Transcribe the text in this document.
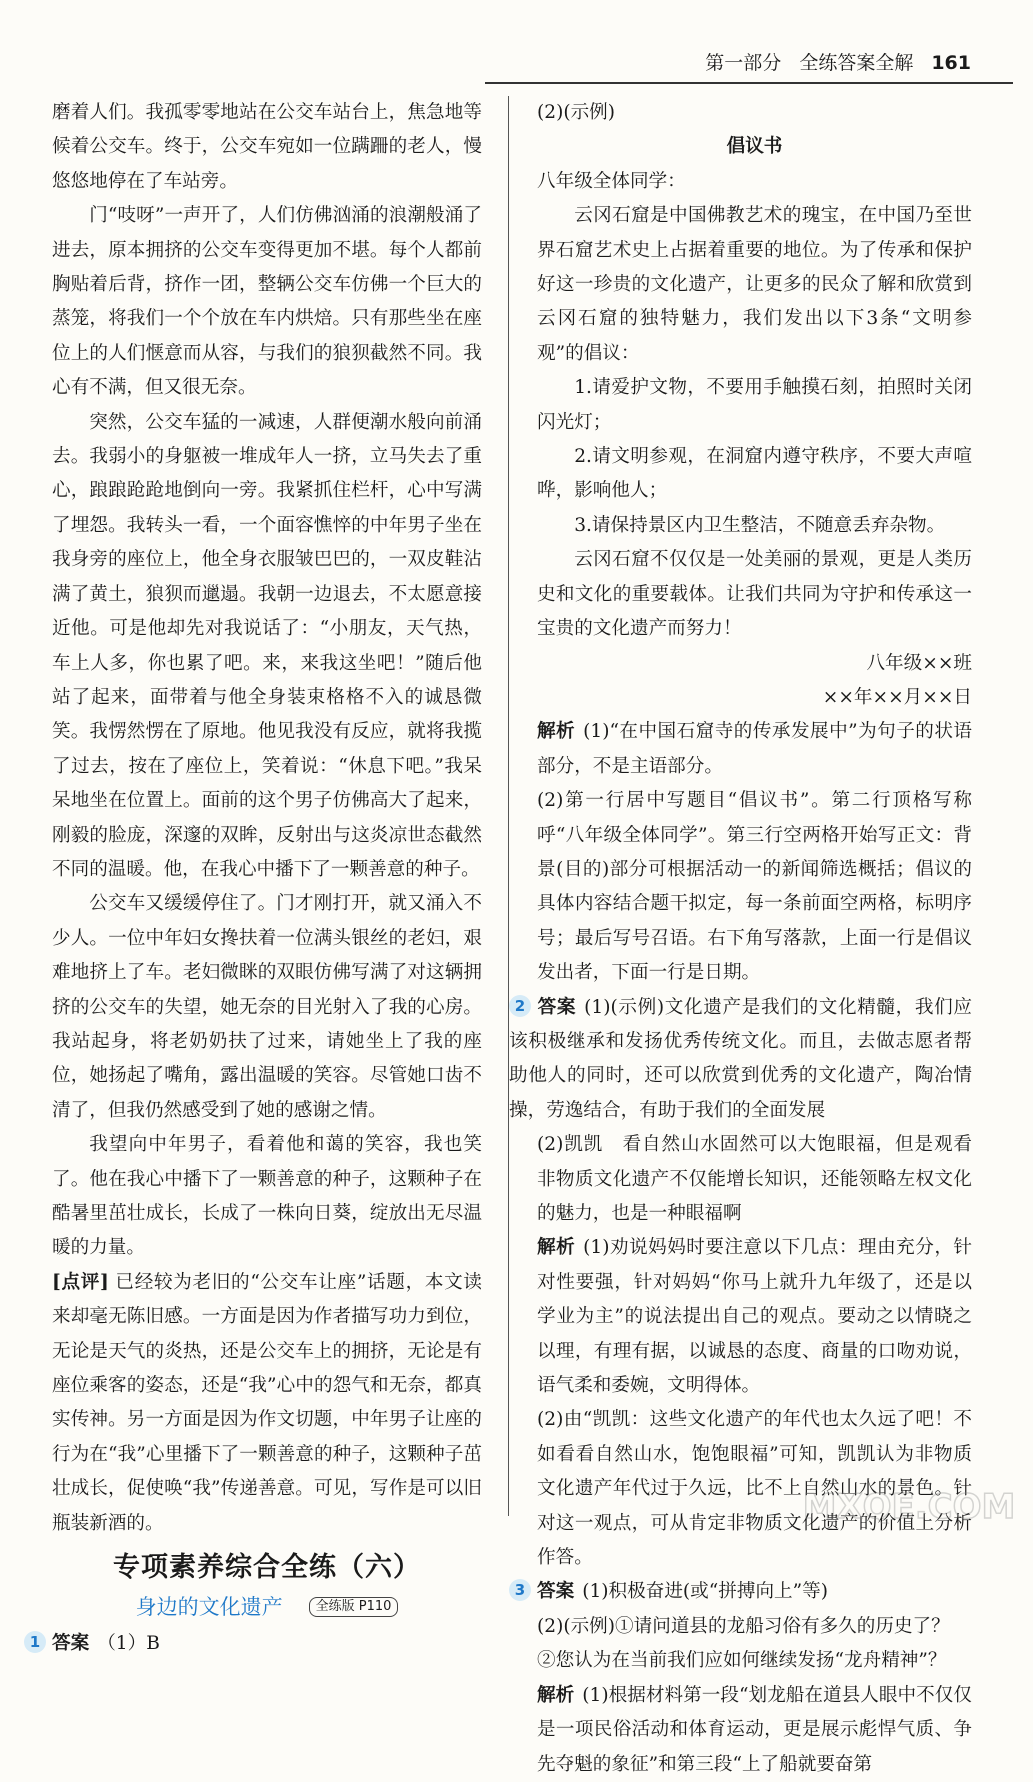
第一部分 全练答案全解 161

磨着人们。我孤零零地站在公交车站台上，焦急地等候着公交车。终于，公交车宛如一位蹒跚的老人，慢悠悠地停在了车站旁。

门“吱呀”一声开了，人们仿佛汹涌的浪潮般涌了进去，原本拥挤的公交车变得更加不堪。每个人都前胸贴着后背，挤作一团，整辆公交车仿佛一个巨大的蒸笼，将我们一个个放在车内烘焙。只有那些坐在座位上的人们惬意而从容，与我们的狼狈截然不同。我心有不满，但又很无奈。

突然，公交车猛的一减速，人群便潮水般向前涌去。我弱小的身躯被一堆成年人一挤，立马失去了重心，踉踉跄跄地倒向一旁。我紧抓住栏杆，心中写满了埋怨。我转头一看，一个面容憔悴的中年男子坐在我身旁的座位上，他全身衣服皱巴巴的，一双皮鞋沾满了黄土，狼狈而邋遢。我朝一边退去，不太愿意接近他。可是他却先对我说话了：“小朋友，天气热，车上人多，你也累了吧。来，来我这坐吧！”随后他站了起来，面带着与他全身装束格格不入的诚恳微笑。我愣然愣在了原地。他见我没有反应，就将我揽了过去，按在了座位上，笑着说：“休息下吧。”我呆呆地坐在位置上。面前的这个男子仿佛高大了起来，刚毅的脸庞，深邃的双眸，反射出与这炎凉世态截然不同的温暖。他，在我心中播下了一颗善意的种子。

公交车又缓缓停住了。门才刚打开，就又涌入不少人。一位中年妇女搀扶着一位满头银丝的老妇，艰难地挤上了车。老妇微眯的双眼仿佛写满了对这辆拥挤的公交车的失望，她无奈的目光射入了我的心房。我站起身，将老奶奶扶了过来，请她坐上了我的座位，她扬起了嘴角，露出温暖的笑容。尽管她口齿不清了，但我仍然感受到了她的感谢之情。

我望向中年男子，看着他和蔼的笑容，我也笑了。他在我心中播下了一颗善意的种子，这颗种子在酷暑里茁壮成长，长成了一株向日葵，绽放出无尽温暖的力量。

[点评] 已经较为老旧的“公交车让座”话题，本文读来却毫无陈旧感。一方面是因为作者描写功力到位，无论是天气的炎热，还是公交车上的拥挤，无论是有座位乘客的姿态，还是“我”心中的怨气和无奈，都真实传神。另一方面是因为作文切题，中年男子让座的行为在“我”心里播下了一颗善意的种子，这颗种子茁壮成长，促使唤“我”传递善意。可见，写作是可以旧瓶装新酒的。

专项素养综合全练（六）
身边的文化遗产	全练版 P110

1 答案 （1）B

(2)(示例)

倡议书

八年级全体同学：

云冈石窟是中国佛教艺术的瑰宝，在中国乃至世界石窟艺术史上占据着重要的地位。为了传承和保护好这一珍贵的文化遗产，让更多的民众了解和欣赏到云冈石窟的独特魅力，我们发出以下3条“文明参观”的倡议：

1.请爱护文物，不要用手触摸石刻，拍照时关闭闪光灯；

2.请文明参观，在洞窟内遵守秩序，不要大声喧哗，影响他人；

3.请保持景区内卫生整洁，不随意丢弃杂物。

云冈石窟不仅仅是一处美丽的景观，更是人类历史和文化的重要载体。让我们共同为守护和传承这一宝贵的文化遗产而努力！

八年级××班

××年××月××日

解析 (1)“在中国石窟寺的传承发展中”为句子的状语部分，不是主语部分。

(2)第一行居中写题目“倡议书”。第二行顶格写称呼“八年级全体同学”。第三行空两格开始写正文：背景(目的)部分可根据活动一的新闻筛选概括；倡议的具体内容结合题干拟定，每一条前面空两格，标明序号；最后写号召语。右下角写落款，上面一行是倡议发出者，下面一行是日期。

2 答案 (1)(示例)文化遗产是我们的文化精髓，我们应该积极继承和发扬优秀传统文化。而且，去做志愿者帮助他人的同时，还可以欣赏到优秀的文化遗产，陶冶情操，劳逸结合，有助于我们的全面发展

(2)凯凯　看自然山水固然可以大饱眼福，但是观看非物质文化遗产不仅能增长知识，还能领略左权文化的魅力，也是一种眼福啊

解析 (1)劝说妈妈时要注意以下几点：理由充分，针对性要强，针对妈妈“你马上就升九年级了，还是以学业为主”的说法提出自己的观点。要动之以情晓之以理，有理有据，以诚恳的态度、商量的口吻劝说，语气柔和委婉，文明得体。

(2)由“凯凯：这些文化遗产的年代也太久远了吧！不如看看自然山水，饱饱眼福”可知，凯凯认为非物质文化遗产年代过于久远，比不上自然山水的景色。针对这一观点，可从肯定非物质文化遗产的价值上分析作答。

3 答案 (1)积极奋进(或“拼搏向上”等)

(2)(示例)①请问道县的龙船习俗有多久的历史了？

②您认为在当前我们应如何继续发扬“龙舟精神”？

解析 (1)根据材料第一段“划龙船在道县人眼中不仅仅是一项民俗活动和体育运动，更是展示彪悍气质、争先夺魁的象征”和第三段“上了船就要奋第

MXQE.COM
